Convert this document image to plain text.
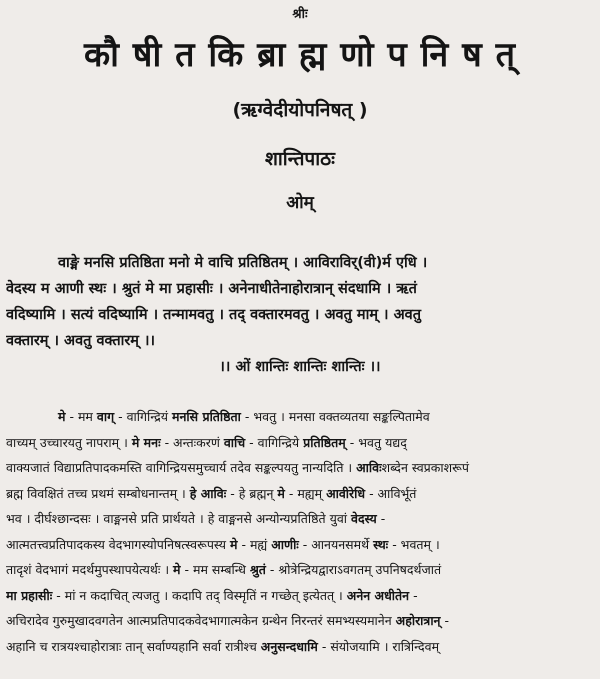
श्रीः
कौ षी त कि ब्रा ह्म णो प नि ष त्
(ऋग्वेदीयोपनिषत् )
शान्तिपाठः
ओम्
वाङ्मे मनसि प्रतिष्ठिता मनो मे वाचि प्रतिष्ठितम् । आविराविर्(वी)र्म एधि ।
वेदस्य म आणी स्थः । श्रुतं मे मा प्रहासीः । अनेनाधीतेनाहोरात्रान् संदधामि । ऋतं
वदिष्यामि । सत्यं वदिष्यामि । तन्मामवतु । तद् वक्तारमवतु । अवतु माम् । अवतु
वक्तारम् । अवतु वक्तारम् ।।
।। ओं शान्तिः शान्तिः शान्तिः ।।
मे - मम वाग् - वागिन्द्रियं मनसि प्रतिष्ठिता - भवतु । मनसा वक्तव्यतया सङ्कल्पितामेव
वाच्यम् उच्चारयतु नापराम् । मे मनः - अन्तःकरणं वाचि - वागिन्द्रिये प्रतिष्ठितम् - भवतु यद्यद्
वाक्यजातं विद्याप्रतिपादकमस्ति वागिन्द्रियसमुच्चार्य तदेव सङ्कल्पयतु नान्यदिति । आविःशब्देन स्वप्रकाशरूपं
ब्रह्म विवक्षितं तच्च प्रथमं सम्बोधनान्तम् । हे आविः - हे ब्रह्मन् मे - मह्यम् आवीरेधि - आविर्भूतं
भव । दीर्घश्छान्दसः । वाङ्मनसे प्रति प्रार्थयते । हे वाङ्मनसे अन्योन्यप्रतिष्ठिते युवां वेदस्य -
आत्मतत्त्वप्रतिपादकस्य वेदभागस्योपनिषत्स्वरूपस्य मे - मह्यं आणीः - आनयनसमर्थे स्थः - भवतम् ।
तादृशं वेदभागं मदर्थमुपस्थापयेत्यर्थः । मे - मम सम्बन्धि श्रुतं - श्रोत्रेन्द्रियद्वाराऽवगतम् उपनिषदर्थजातं
मा प्रहासीः - मां न कदाचित् त्यजतु । कदापि तद् विस्मृतिं न गच्छेत् इत्येतत् । अनेन अधीतेन -
अचिरादेव गुरुमुखादवगतेन आत्मप्रतिपादकवेदभागात्मकेन ग्रन्थेन निरन्तरं समभ्यस्यमानेन अहोरात्रान् -
अहानि च रात्रयश्चाहोरात्राः तान् सर्वाण्यहानि सर्वा रात्रीश्च अनुसन्दधामि - संयोजयामि । रात्रिन्दिवम्
